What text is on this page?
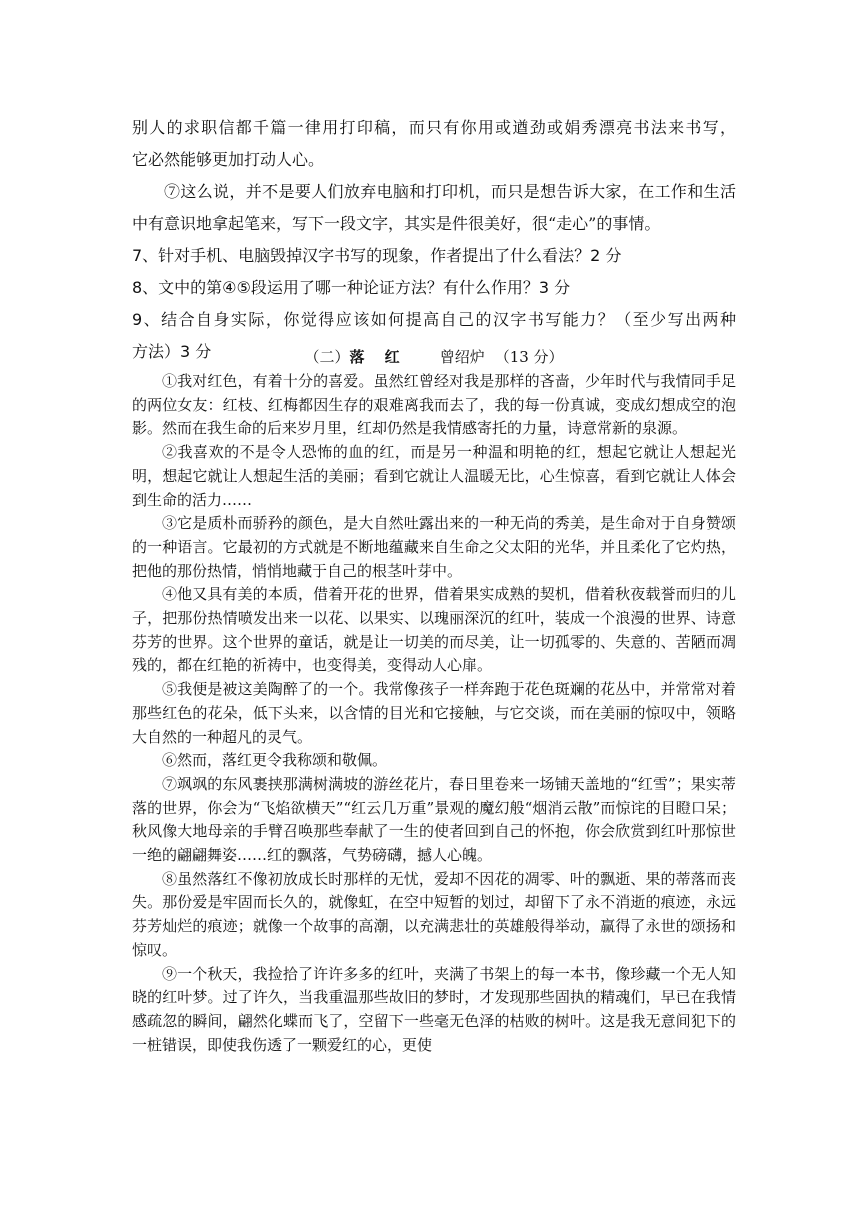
别人的求职信都千篇一律用打印稿，而只有你用或遒劲或娟秀漂亮书法来书写，

它必然能够更加打动人心。

⑦这么说，并不是要人们放弃电脑和打印机，而只是想告诉大家，在工作和生活中有意识地拿起笔来，写下一段文字，其实是件很美好，很“走心”的事情。

7、针对手机、电脑毁掉汉字书写的现象，作者提出了什么看法？2 分

8、文中的第④⑤段运用了哪一种论证方法？有什么作用？3 分

9、结合自身实际，你觉得应该如何提高自己的汉字书写能力？（至少写出两种

方法）3 分	（二）落　 红	曾绍炉 （13 分）

①我对红色，有着十分的喜爱。虽然红曾经对我是那样的吝啬，少年时代与我情同手足的两位女友：红枝、红梅都因生存的艰难离我而去了，我的每一份真诚，变成幻想成空的泡影。然而在我生命的后来岁月里，红却仍然是我情感寄托的力量，诗意常新的泉源。

②我喜欢的不是令人恐怖的血的红，而是另一种温和明艳的红，想起它就让人想起光明，想起它就让人想起生活的美丽；看到它就让人温暖无比，心生惊喜，看到它就让人体会到生命的活力……

③它是质朴而骄矜的颜色，是大自然吐露出来的一种无尚的秀美，是生命对于自身赞颂的一种语言。它最初的方式就是不断地蕴藏来自生命之父太阳的光华，并且柔化了它灼热，把他的那份热情，悄悄地藏于自己的根茎叶芽中。

④他又具有美的本质，借着开花的世界，借着果实成熟的契机，借着秋夜载誉而归的儿子，把那份热情喷发出来一以花、以果实、以瑰丽深沉的红叶，装成一个浪漫的世界、诗意芬芳的世界。这个世界的童话，就是让一切美的而尽美，让一切孤零的、失意的、苦陋而凋残的，都在红艳的祈祷中，也变得美，变得动人心扉。

⑤我便是被这美陶醉了的一个。我常像孩子一样奔跑于花色斑斓的花丛中，并常常对着那些红色的花朵，低下头来，以含情的目光和它接触，与它交谈，而在美丽的惊叹中，领略大自然的一种超凡的灵气。

⑥然而，落红更令我称颂和敬佩。

⑦飒飒的东风裹挟那满树满坡的游丝花片，春日里卷来一场铺天盖地的“红雪”；果实蒂落的世界，你会为“飞焰欲横天”“红云几万重”景观的魔幻般“烟消云散”而惊诧的目瞪口呆；秋风像大地母亲的手臂召唤那些奉献了一生的使者回到自己的怀抱，你会欣赏到红叶那惊世一绝的翩翩舞姿……红的飘落，气势磅礴，撼人心魄。

⑧虽然落红不像初放成长时那样的无忧，爱却不因花的凋零、叶的飘逝、果的蒂落而丧失。那份爱是牢固而长久的，就像虹，在空中短暂的划过，却留下了永不消逝的痕迹，永远芬芳灿烂的痕迹；就像一个故事的高潮，以充满悲壮的英雄般得举动，赢得了永世的颂扬和惊叹。

⑨一个秋天，我捡拾了许许多多的红叶，夹满了书架上的每一本书，像珍藏一个无人知晓的红叶梦。过了许久，当我重温那些故旧的梦时，才发现那些固执的精魂们，早已在我情感疏忽的瞬间，翩然化蝶而飞了，空留下一些毫无色泽的枯败的树叶。这是我无意间犯下的一桩错误，即使我伤透了一颗爱红的心，更使
